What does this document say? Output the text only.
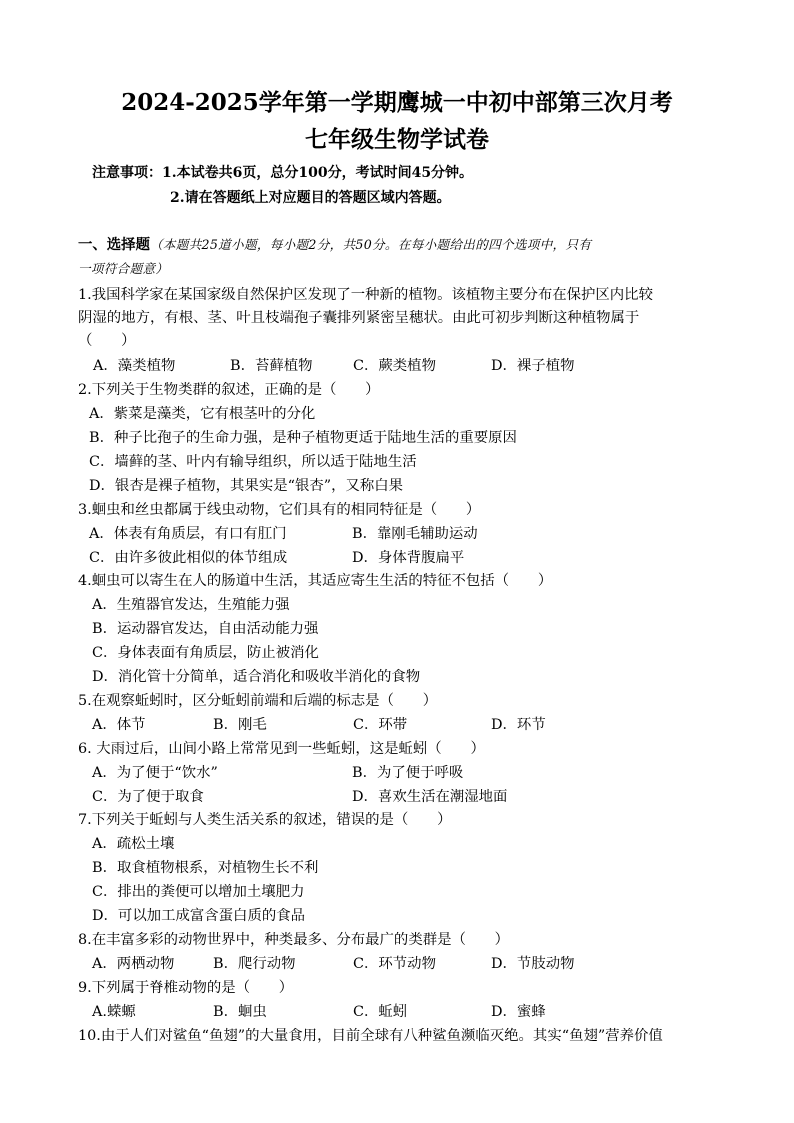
2024-2025学年第一学期鹰城一中初中部第三次月考
七年级生物学试卷
注意事项：1.本试卷共6页，总分100分，考试时间45分钟。
2.请在答题纸上对应题目的答题区域内答题。
一、选择题（本题共25道小题，每小题2分，共50分。在每小题给出的四个选项中，只有
一项符合题意）
1.我国科学家在某国家级自然保护区发现了一种新的植物。该植物主要分布在保护区内比较
阴湿的地方，有根、茎、叶且枝端孢子囊排列紧密呈穗状。由此可初步判断这种植物属于
（　　）
A．藻类植物	B．苔藓植物	C．蕨类植物	D．裸子植物
2.下列关于生物类群的叙述，正确的是（　　）
A．紫菜是藻类，它有根茎叶的分化
B．种子比孢子的生命力强，是种子植物更适于陆地生活的重要原因
C．墙藓的茎、叶内有输导组织，所以适于陆地生活
D．银杏是裸子植物，其果实是“银杏”，又称白果
3.蛔虫和丝虫都属于线虫动物，它们具有的相同特征是（　　）
A．体表有角质层，有口有肛门	B．靠刚毛辅助运动
C．由许多彼此相似的体节组成	D．身体背腹扁平
4.蛔虫可以寄生在人的肠道中生活，其适应寄生生活的特征不包括（　　）
A．生殖器官发达，生殖能力强
B．运动器官发达，自由活动能力强
C．身体表面有角质层，防止被消化
D．消化管十分简单，适合消化和吸收半消化的食物
5.在观察蚯蚓时，区分蚯蚓前端和后端的标志是（　　）
A．体节	B．刚毛	C．环带	D．环节
6. 大雨过后，山间小路上常常见到一些蚯蚓，这是蚯蚓（　　）
A．为了便于“饮水”	B．为了便于呼吸
C．为了便于取食	D．喜欢生活在潮湿地面
7.下列关于蚯蚓与人类生活关系的叙述，错误的是（　　）
A．疏松土壤
B．取食植物根系，对植物生长不利
C．排出的粪便可以增加土壤肥力
D．可以加工成富含蛋白质的食品
8.在丰富多彩的动物世界中，种类最多、分布最广的类群是（　　）
A．两栖动物	B．爬行动物	C．环节动物	D．节肢动物
9.下列属于脊椎动物的是（　　）
A.蝾螈	B．蛔虫	C．蚯蚓	D．蜜蜂
10.由于人们对鲨鱼“鱼翅”的大量食用，目前全球有八种鲨鱼濒临灭绝。其实“鱼翅”营养价值
